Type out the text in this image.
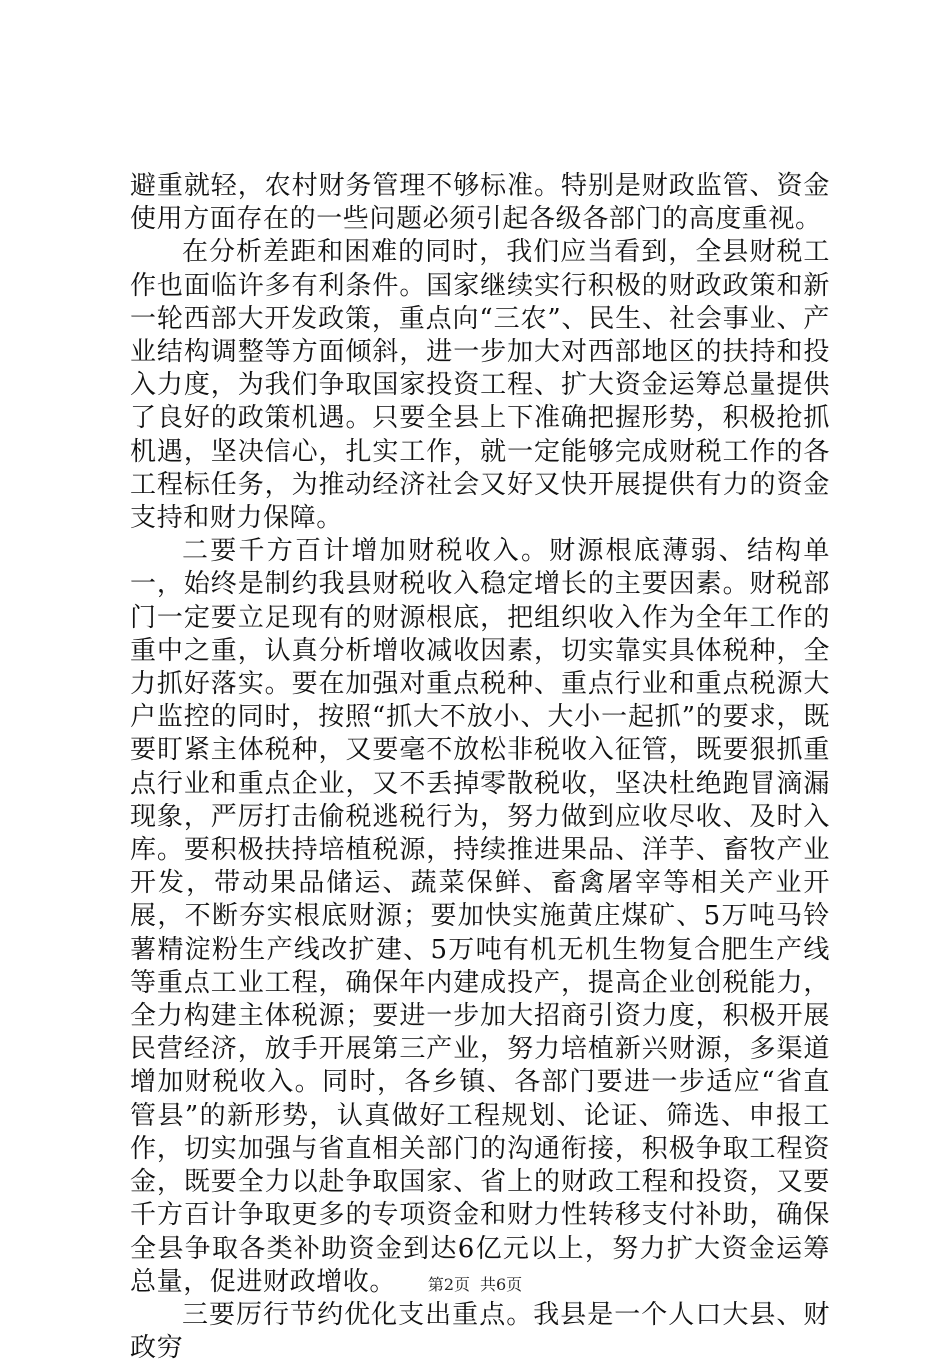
避重就轻，农村财务管理不够标准。特别是财政监管、资金使用方面存在的一些问题必须引起各级各部门的高度重视。

在分析差距和困难的同时，我们应当看到，全县财税工作也面临许多有利条件。国家继续实行积极的财政政策和新一轮西部大开发政策，重点向“三农”、民生、社会事业、产业结构调整等方面倾斜，进一步加大对西部地区的扶持和投入力度，为我们争取国家投资工程、扩大资金运筹总量提供了良好的政策机遇。只要全县上下准确把握形势，积极抢抓机遇，坚决信心，扎实工作，就一定能够完成财税工作的各工程标任务，为推动经济社会又好又快开展提供有力的资金支持和财力保障。

二要千方百计增加财税收入。财源根底薄弱、结构单一，始终是制约我县财税收入稳定增长的主要因素。财税部门一定要立足现有的财源根底，把组织收入作为全年工作的重中之重，认真分析增收减收因素，切实靠实具体税种，全力抓好落实。要在加强对重点税种、重点行业和重点税源大户监控的同时，按照“抓大不放小、大小一起抓”的要求，既要盯紧主体税种，又要毫不放松非税收入征管，既要狠抓重点行业和重点企业，又不丢掉零散税收，坚决杜绝跑冒滴漏现象，严厉打击偷税逃税行为，努力做到应收尽收、及时入库。要积极扶持培植税源，持续推进果品、洋芋、畜牧产业开发，带动果品储运、蔬菜保鲜、畜禽屠宰等相关产业开展，不断夯实根底财源；要加快实施黄庄煤矿、5万吨马铃薯精淀粉生产线改扩建、5万吨有机无机生物复合肥生产线等重点工业工程，确保年内建成投产，提高企业创税能力，全力构建主体税源；要进一步加大招商引资力度，积极开展民营经济，放手开展第三产业，努力培植新兴财源，多渠道增加财税收入。同时，各乡镇、各部门要进一步适应“省直管县”的新形势，认真做好工程规划、论证、筛选、申报工作，切实加强与省直相关部门的沟通衔接，积极争取工程资金，既要全力以赴争取国家、省上的财政工程和投资，又要千方百计争取更多的专项资金和财力性转移支付补助，确保全县争取各类补助资金到达6亿元以上，努力扩大资金运筹总量，促进财政增收。

三要厉行节约优化支出重点。我县是一个人口大县、财政穷

第2页 共6页
